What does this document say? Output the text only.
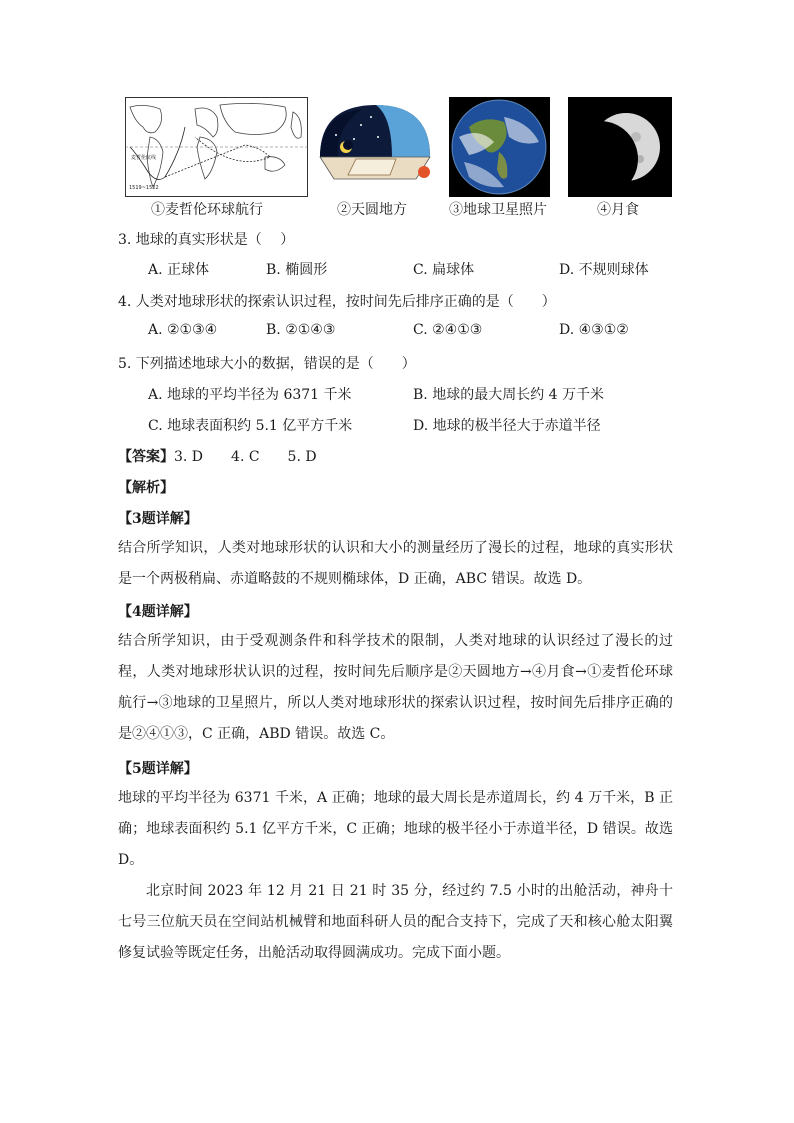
麦哲伦航线
1519~1522
①麦哲伦环球航行	②天圆地方	③地球卫星照片	④月食
3. 地球的真实形状是（　 ）
A. 正球体	B. 椭圆形	C. 扁球体	D. 不规则球体
4. 人类对地球形状的探索认识过程，按时间先后排序正确的是（　　）
A. ②①③④	B. ②①④③	C. ②④①③	D. ④③①②
5. 下列描述地球大小的数据，错误的是（　　）
A. 地球的平均半径为 6371 千米	B. 地球的最大周长约 4 万千米
C. 地球表面积约 5.1 亿平方千米	D. 地球的极半径大于赤道半径
【答案】3. D　　4. C　　5. D
【解析】
【3题详解】

结合所学知识，人类对地球形状的认识和大小的测量经历了漫长的过程，地球的真实形状是一个两极稍扁、赤道略鼓的不规则椭球体，D 正确，ABC 错误。故选 D。

【4题详解】

结合所学知识，由于受观测条件和科学技术的限制，人类对地球的认识经过了漫长的过程，人类对地球形状认识的过程，按时间先后顺序是②天圆地方→④月食→①麦哲伦环球航行→③地球的卫星照片，所以人类对地球形状的探索认识过程，按时间先后排序正确的是②④①③，C 正确，ABD 错误。故选 C。

【5题详解】

地球的平均半径为 6371 千米，A 正确；地球的最大周长是赤道周长，约 4 万千米，B 正确；地球表面积约 5.1 亿平方千米，C 正确；地球的极半径小于赤道半径，D 错误。故选 D。

北京时间 2023 年 12 月 21 日 21 时 35 分，经过约 7.5 小时的出舱活动，神舟十七号三位航天员在空间站机械臂和地面科研人员的配合支持下，完成了天和核心舱太阳翼修复试验等既定任务，出舱活动取得圆满成功。完成下面小题。
